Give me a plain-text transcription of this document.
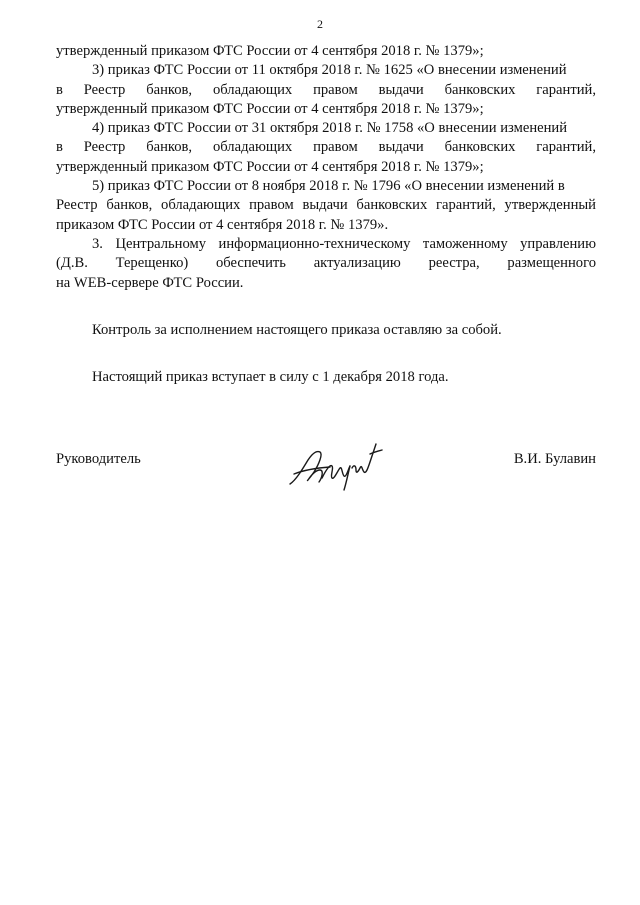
2

утвержденный приказом ФТС России от 4 сентября 2018 г. № 1379»;

3) приказ ФТС России от 11 октября 2018 г. № 1625 «О внесении изменений
в Реестр банков, обладающих правом выдачи банковских гарантий,
утвержденный приказом ФТС России от 4 сентября 2018 г. № 1379»;

4) приказ ФТС России от 31 октября 2018 г. № 1758 «О внесении изменений
в Реестр банков, обладающих правом выдачи банковских гарантий,
утвержденный приказом ФТС России от 4 сентября 2018 г. № 1379»;

5) приказ ФТС России от 8 ноября 2018 г. № 1796 «О внесении изменений в
Реестр банков, обладающих правом выдачи банковских гарантий, утвержденный
приказом ФТС России от 4 сентября 2018 г. № 1379».

3. Центральному информационно-техническому таможенному управлению
(Д.В. Терещенко) обеспечить актуализацию реестра, размещенного
на WEB-сервере ФТС России.

Контроль за исполнением настоящего приказа оставляю за собой.

Настоящий приказ вступает в силу с 1 декабря 2018 года.

Руководитель	В.И. Булавин
